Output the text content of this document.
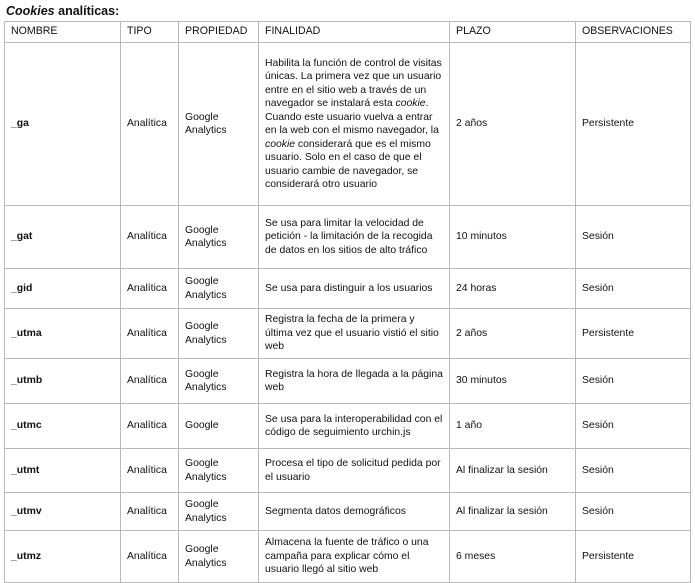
Cookies analíticas:
NOMBRE	TIPO	PROPIEDAD	FINALIDAD	PLAZO	OBSERVACIONES
_ga	Analítica	Google Analytics	Habilita la función de control de visitas únicas. La primera vez que un usuario entre en el sitio web a través de un navegador se instalará esta cookie. Cuando este usuario vuelva a entrar en la web con el mismo navegador, la cookie considerará que es el mismo usuario. Solo en el caso de que el usuario cambie de navegador, se considerará otro usuario	2 años	Persistente
_gat	Analítica	Google Analytics	Se usa para limitar la velocidad de petición - la limitación de la recogida de datos en los sitios de alto tráfico	10 minutos	Sesión
_gid	Analítica	Google Analytics	Se usa para distinguir a los usuarios	24 horas	Sesión
_utma	Analítica	Google Analytics	Registra la fecha de la primera y última vez que el usuario vistió el sitio web	2 años	Persistente
_utmb	Analítica	Google Analytics	Registra la hora de llegada a la página web	30 minutos	Sesión
_utmc	Analítica	Google	Se usa para la interoperabilidad con el código de seguimiento urchin.js	1 año	Sesión
_utmt	Analítica	Google Analytics	Procesa el tipo de solicitud pedida por el usuario	Al finalizar la sesión	Sesión
_utmv	Analítica	Google Analytics	Segmenta datos demográficos	Al finalizar la sesión	Sesión
_utmz	Analítica	Google Analytics	Almacena la fuente de tráfico o una campaña para explicar cómo el usuario llegó al sitio web	6 meses	Persistente
